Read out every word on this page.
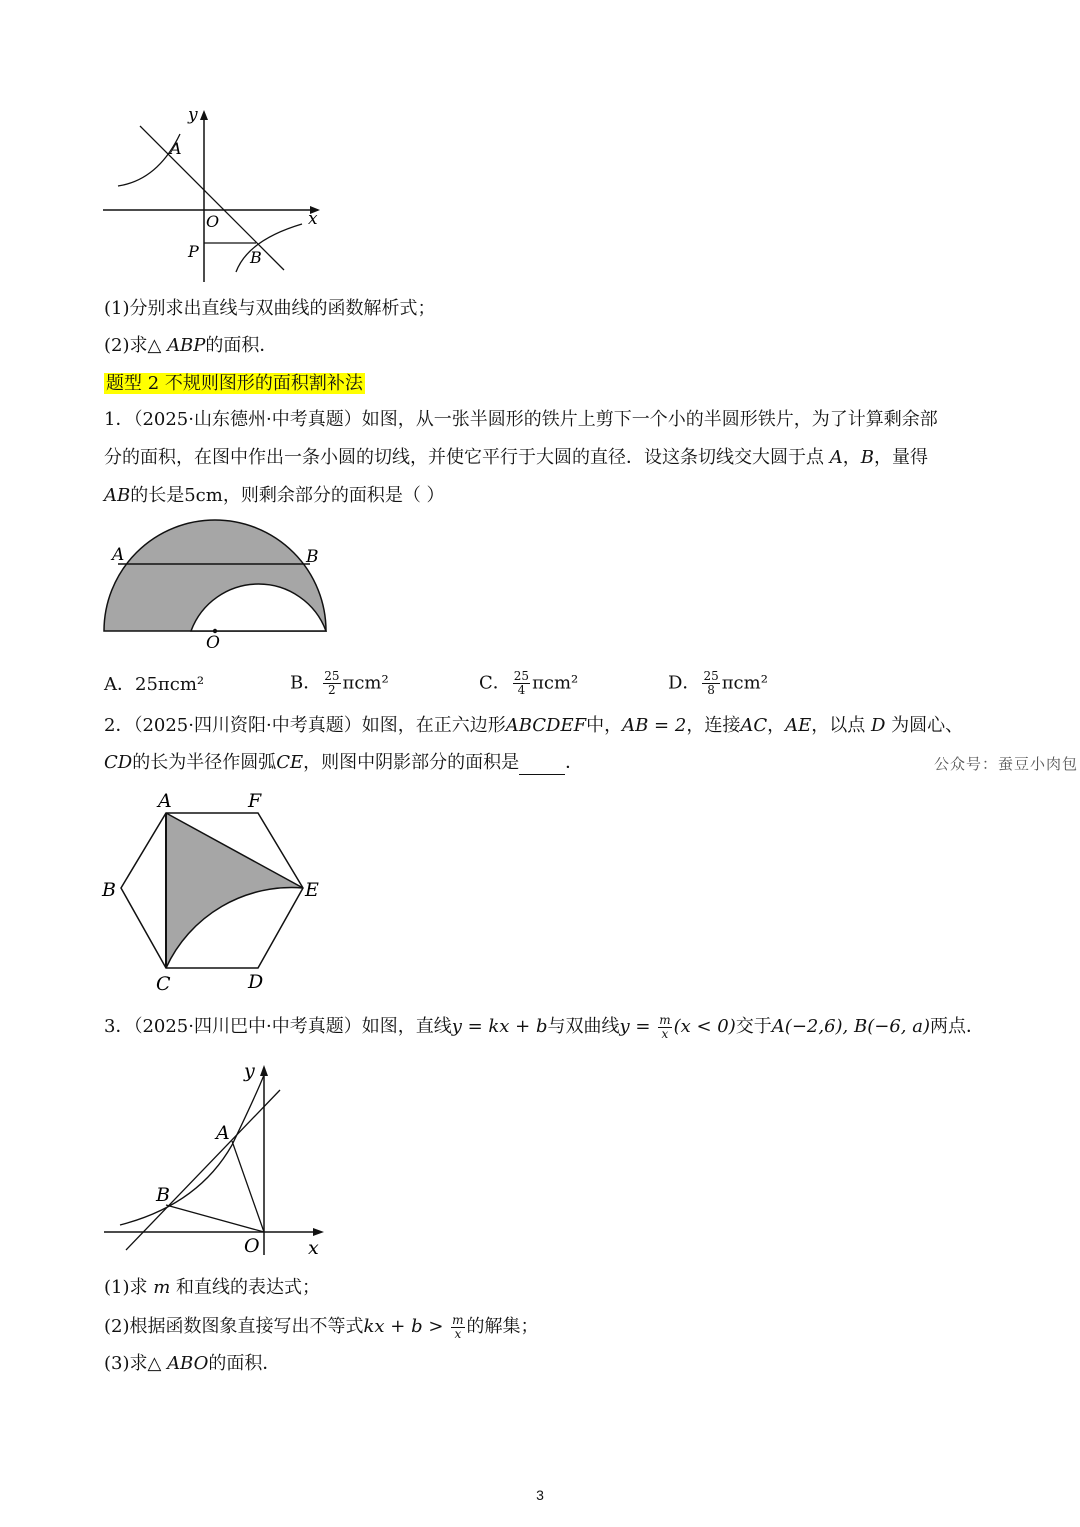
y
A
O	x
P	B
(1)分别求出直线与双曲线的函数解析式；
(2)求△ ABP的面积．
题型 2 不规则图形的面积割补法
1．（2025·山东德州·中考真题）如图，从一张半圆形的铁片上剪下一个小的半圆形铁片，为了计算剩余部
分的面积，在图中作出一条小圆的切线，并使它平行于大圆的直径．设这条切线交大圆于点 A，B，量得
AB的长是5cm，则剩余部分的面积是（ ）
A	B
O
A．25πcm²	B． $\frac{25}{2} \pi cm^2$	C． $\frac{25}{4} \pi cm^2$	D． $\frac{25}{8} \pi cm^2$
2．（2025·四川资阳·中考真题）如图，在正六边形ABCDEF中，AB = 2，连接AC，AE，以点 D 为圆心、
CD的长为半径作圆弧CE，则图中阴影部分的面积是	．	公众号：蚕豆小肉包
A	F
B	E
C	D
3．（2025·四川巴中·中考真题）如图，直线y = kx + b与双曲线$y = \frac{m}{x} (x < 0)$交于A(−2,6), B(−6, a)两点．
y
A
B
O	x
(1)求 m 和直线的表达式；
(2)根据函数图象直接写出不等式kx + $b > \frac{m}{x}$ 的解集；
(3)求△ ABO的面积．
3
